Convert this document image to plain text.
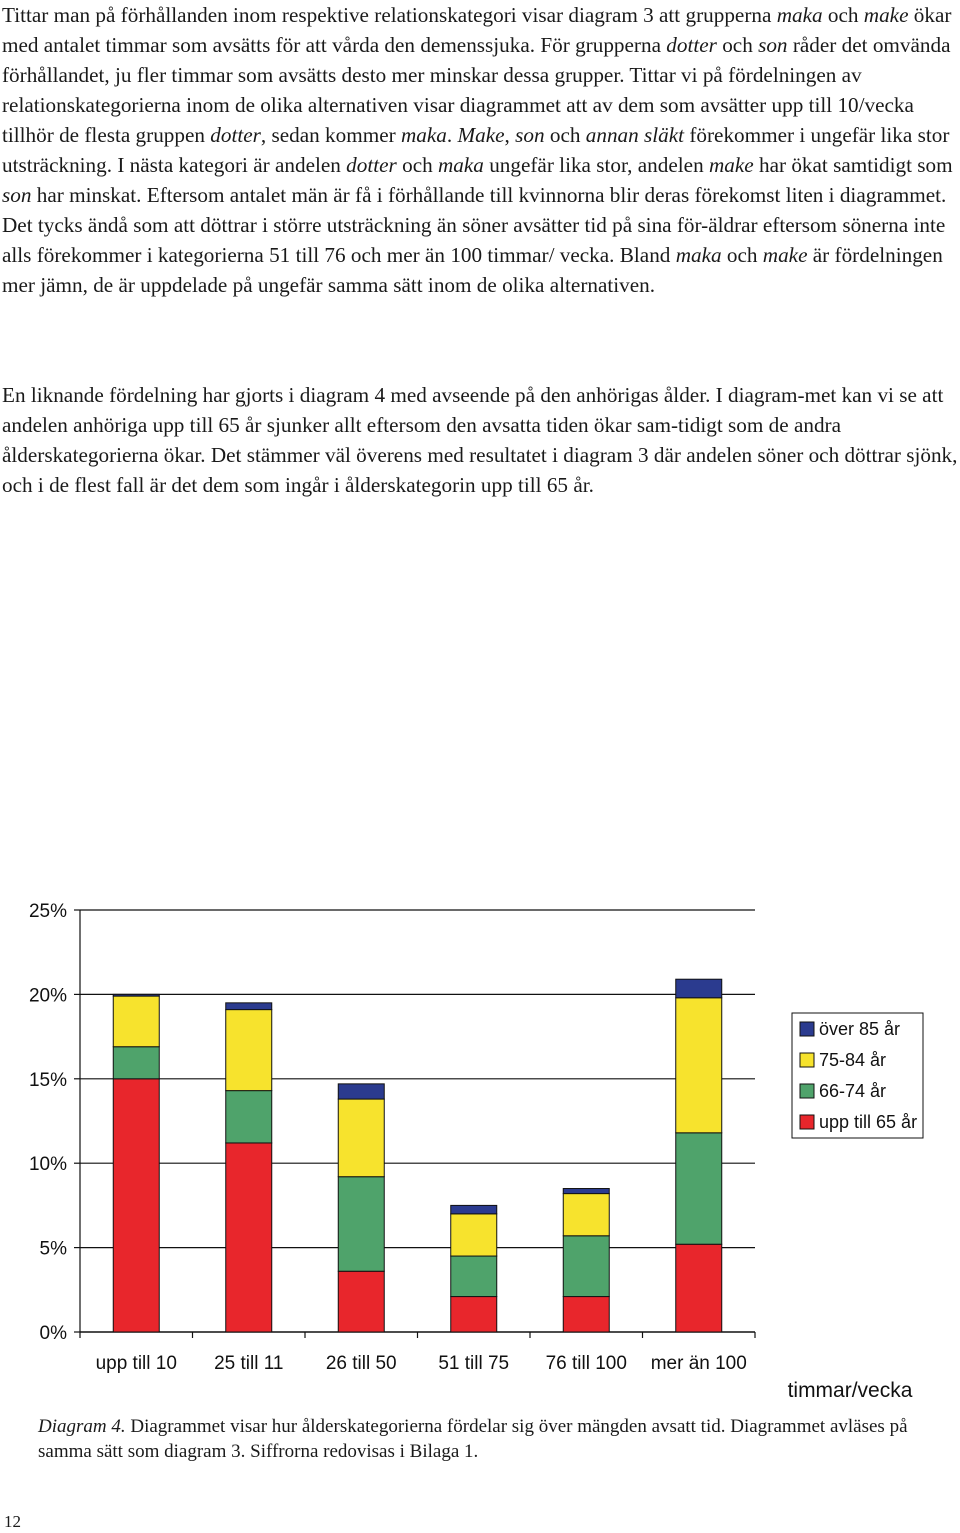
Tittar man på förhållanden inom respektive relationskategori visar diagram 3 att grupperna maka och make ökar med antalet timmar som avsätts för att vårda den demenssjuka. För grupperna dotter och son råder det omvända förhållandet, ju fler timmar som avsätts desto mer minskar dessa grupper. Tittar vi på fördelningen av relationskategorierna inom de olika alternativen visar diagrammet att av dem som avsätter upp till 10/vecka tillhör de flesta gruppen dotter, sedan kommer maka. Make, son och annan släkt förekommer i ungefär lika stor utsträckning. I nästa kategori är andelen dotter och maka ungefär lika stor, andelen make har ökat samtidigt som son har minskat. Eftersom antalet män är få i förhållande till kvinnorna blir deras förekomst liten i diagrammet. Det tycks ändå som att döttrar i större utsträckning än söner avsätter tid på sina för-äldrar eftersom sönerna inte alls förekommer i kategorierna 51 till 76 och mer än 100 timmar/ vecka. Bland maka och make är fördelningen mer jämn, de är uppdelade på ungefär samma sätt inom de olika alternativen.

En liknande fördelning har gjorts i diagram 4 med avseende på den anhörigas ålder. I diagram-met kan vi se att andelen anhöriga upp till 65 år sjunker allt eftersom den avsatta tiden ökar sam-tidigt som de andra ålderskategorierna ökar. Det stämmer väl överens med resultatet i diagram 3 där andelen söner och döttrar sjönk, och i de flest fall är det dem som ingår i ålderskategorin upp till 65 år.

0%
5%
10%
15%
20%
25%
upp till 10 25 till 11 26 till 50 51 till 75 76 till 100 mer än 100
över 85 år
75-84 år
66-74 år
upp till 65 år
timmar/vecka
Diagram 4. Diagrammet visar hur ålderskategorierna fördelar sig över mängden avsatt tid. Diagrammet avläses på samma sätt som diagram 3. Siffrorna redovisas i Bilaga 1.
12
